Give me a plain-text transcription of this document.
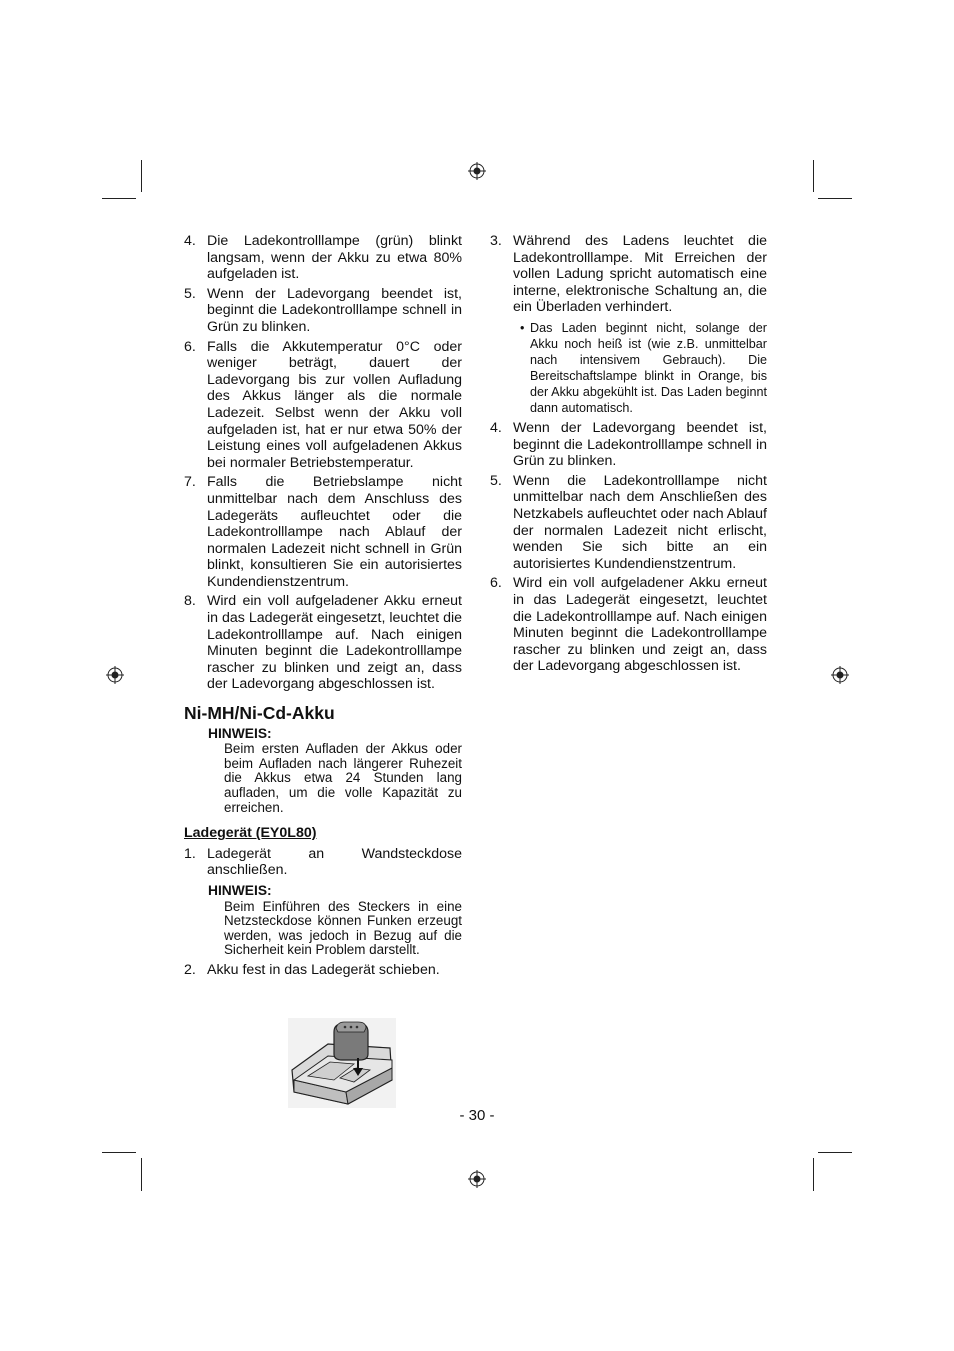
4. Die Ladekontrolllampe (grün) blinkt langsam, wenn der Akku zu etwa 80% aufgeladen ist.
5. Wenn der Ladevorgang beendet ist, beginnt die Ladekontrolllampe schnell in Grün zu blinken.
6. Falls die Akkutemperatur 0°C oder weniger beträgt, dauert der Ladevorgang bis zur vollen Aufladung des Akkus länger als die normale Ladezeit. Selbst wenn der Akku voll aufgeladen ist, hat er nur etwa 50% der Leistung eines voll aufgeladenen Akkus bei normaler Betriebstemperatur.
7. Falls die Betriebslampe nicht unmittelbar nach dem Anschluss des Ladegeräts aufleuchtet oder die Ladekontrolllampe nach Ablauf der normalen Ladezeit nicht schnell in Grün blinkt, konsultieren Sie ein autorisiertes Kundendienstzentrum.
8. Wird ein voll aufgeladener Akku erneut in das Ladegerät eingesetzt, leuchtet die Ladekontrolllampe auf. Nach einigen Minuten beginnt die Ladekontrolllampe rascher zu blinken und zeigt an, dass der Ladevorgang abgeschlossen ist.
Ni-MH/Ni-Cd-Akku
HINWEIS:
Beim ersten Aufladen der Akkus oder beim Aufladen nach längerer Ruhezeit die Akkus etwa 24 Stunden lang aufladen, um die volle Kapazität zu erreichen.
Ladegerät (EY0L80)
1. Ladegerät an Wandsteckdose anschließen.
HINWEIS:
Beim Einführen des Steckers in eine Netzsteckdose können Funken erzeugt werden, was jedoch in Bezug auf die Sicherheit kein Problem darstellt.
2. Akku fest in das Ladegerät schieben.
3. Während des Ladens leuchtet die Ladekontrolllampe. Mit Erreichen der vollen Ladung spricht automatisch eine interne, elektronische Schaltung an, die ein Überladen verhindert.
• Das Laden beginnt nicht, solange der Akku noch heiß ist (wie z.B. unmittelbar nach intensivem Gebrauch). Die Bereitschaftslampe blinkt in Orange, bis der Akku abgekühlt ist. Das Laden beginnt dann automatisch.
4. Wenn der Ladevorgang beendet ist, beginnt die Ladekontrolllampe schnell in Grün zu blinken.
5. Wenn die Ladekontrolllampe nicht unmittelbar nach dem Anschließen des Netzkabels aufleuchtet oder nach Ablauf der normalen Ladezeit nicht erlischt, wenden Sie sich bitte an ein autorisiertes Kundendienstzentrum.
6. Wird ein voll aufgeladener Akku erneut in das Ladegerät eingesetzt, leuchtet die Ladekontrolllampe auf. Nach einigen Minuten beginnt die Ladekontrolllampe rascher zu blinken und zeigt an, dass der Ladevorgang abgeschlossen ist.
- 30 -
